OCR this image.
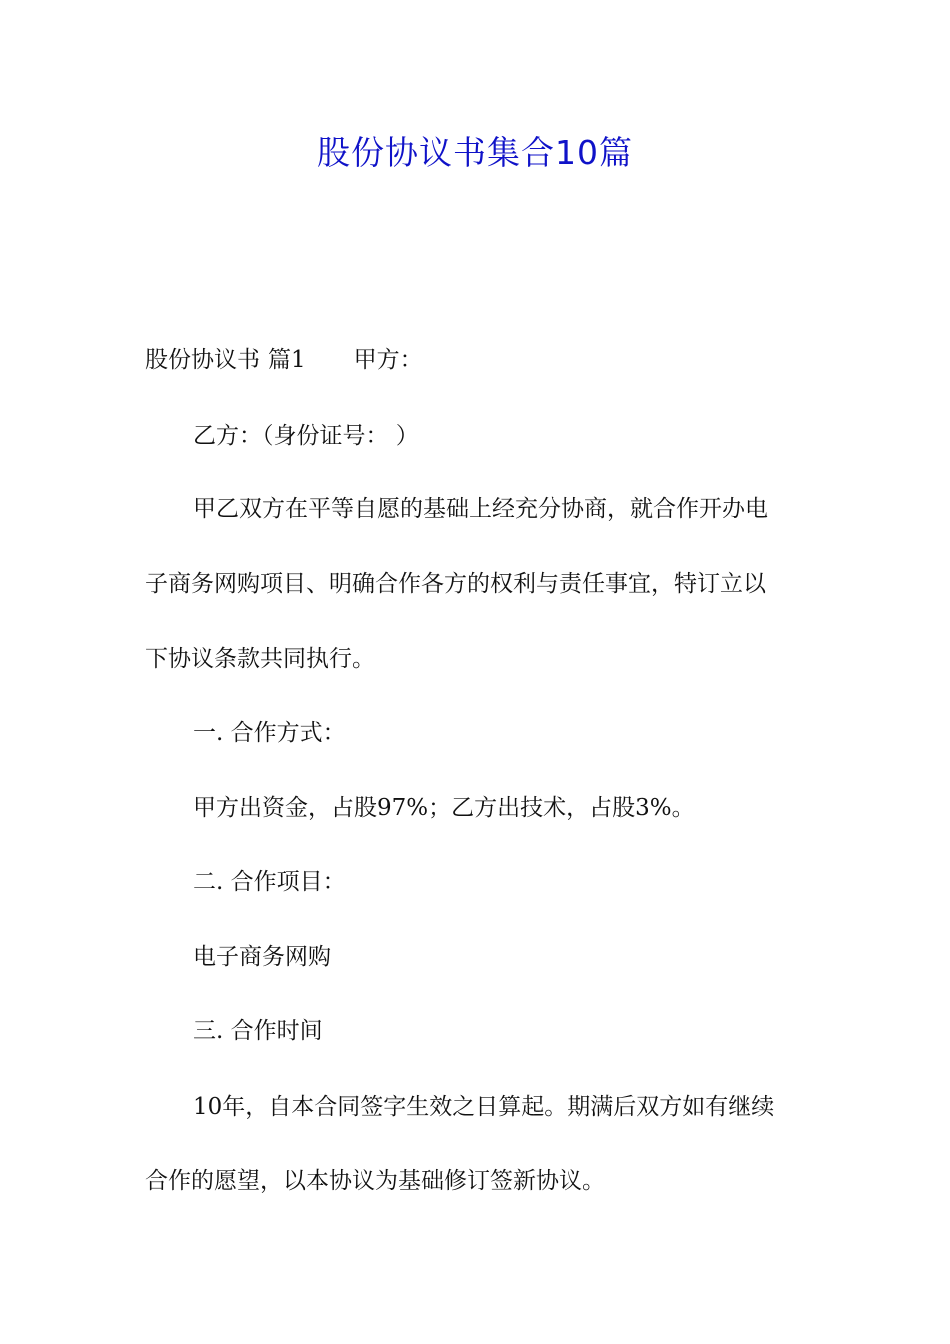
股份协议书集合10篇
股份协议书 篇1 甲方：
乙方：（身份证号： ）
甲乙双方在平等自愿的基础上经充分协商，就合作开办电
子商务网购项目、明确合作各方的权利与责任事宜，特订立以
下协议条款共同执行。
一. 合作方式：
甲方出资金，占股97%；乙方出技术，占股3%。
二. 合作项目：
电子商务网购
三. 合作时间
10年，自本合同签字生效之日算起。期满后双方如有继续
合作的愿望，以本协议为基础修订签新协议。
